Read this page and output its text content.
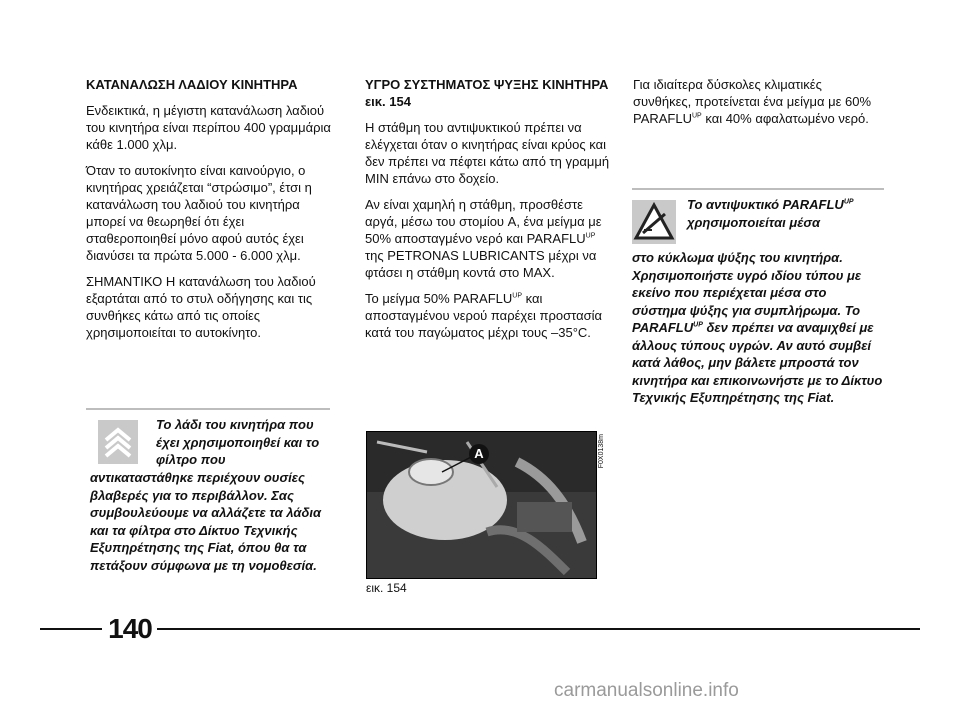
ΚΑΤΑΝΑΛΩΣΗ ΛΑΔΙΟΥ ΚΙΝΗΤΗΡΑ

Ενδεικτικά, η μέγιστη κατανάλωση λαδιού του κινητήρα είναι περίπου 400 γραμμάρια κάθε 1.000 χλμ.

Όταν το αυτοκίνητο είναι καινούργιο, ο κινητήρας χρειάζεται “στρώσιμο”, έτσι η κατανάλωση του λαδιού του κινητήρα μπορεί να θεωρηθεί ότι έχει σταθεροποιηθεί μόνο αφού αυτός έχει διανύσει τα πρώτα 5.000 - 6.000 χλμ.

ΣΗΜΑΝΤΙΚΟ Η κατανάλωση του λαδιού εξαρτάται από το στυλ οδήγησης και τις συνθήκες κάτω από τις οποίες χρησιμοποιείται το αυτοκίνητο.

Το λάδι του κινητήρα που έχει χρησιμοποιηθεί και το φίλτρο που
αντικαταστάθηκε περιέχουν ουσίες βλαβερές για το περιβάλλον. Σας συμβουλεύουμε να αλλάζετε τα λάδια και τα φίλτρα στο Δίκτυο Τεχνικής Εξυπηρέτησης της Fiat, όπου θα τα πετάξουν σύμφωνα με τη νομοθεσία.
ΥΓΡΟ ΣΥΣΤΗΜΑΤΟΣ ΨΥΞΗΣ ΚΙΝΗΤΗΡΑ εικ. 154

Η στάθμη του αντιψυκτικού πρέπει να ελέγχεται όταν ο κινητήρας είναι κρύος και δεν πρέπει να πέφτει κάτω από τη γραμμή MIN επάνω στο δοχείο.

Αν είναι χαμηλή η στάθμη, προσθέστε αργά, μέσω του στομίου A, ένα μείγμα με 50% αποσταγμένο νερό και $PARAFLU^{UP}$ της PETRONAS LUBRICANTS μέχρι να φτάσει η στάθμη κοντά στο MAX.

Το μείγμα 50% $PARAFLU^{UP}$ και αποσταγμένου νερού παρέχει προστασία κατά του παγώματος μέχρι τους –35°C.

A	F0X0138m
εικ. 154

Για ιδιαίτερα δύσκολες κλιματικές συνθήκες, προτείνεται ένα μείγμα με 60% $PARAFLU^{UP}$ και 40% αφαλατωμένο νερό.

Το αντιψυκτικό $PARAFLU^{UP}$ χρησιμοποιείται μέσα
στο κύκλωμα ψύξης του κινητήρα. Χρησιμοποιήστε υγρό ιδίου τύπου με εκείνο που περιέχεται μέσα στο σύστημα ψύξης για συμπλήρωμα. Το $PARAFLU^{UP}$ δεν πρέπει να αναμιχθεί με άλλους τύπους υγρών. Αν αυτό συμβεί κατά λάθος, μην βάλετε μπροστά τον κινητήρα και επικοινωνήστε με το Δίκτυο Τεχνικής Εξυπηρέτησης της Fiat.
140
carmanualsonline.info
